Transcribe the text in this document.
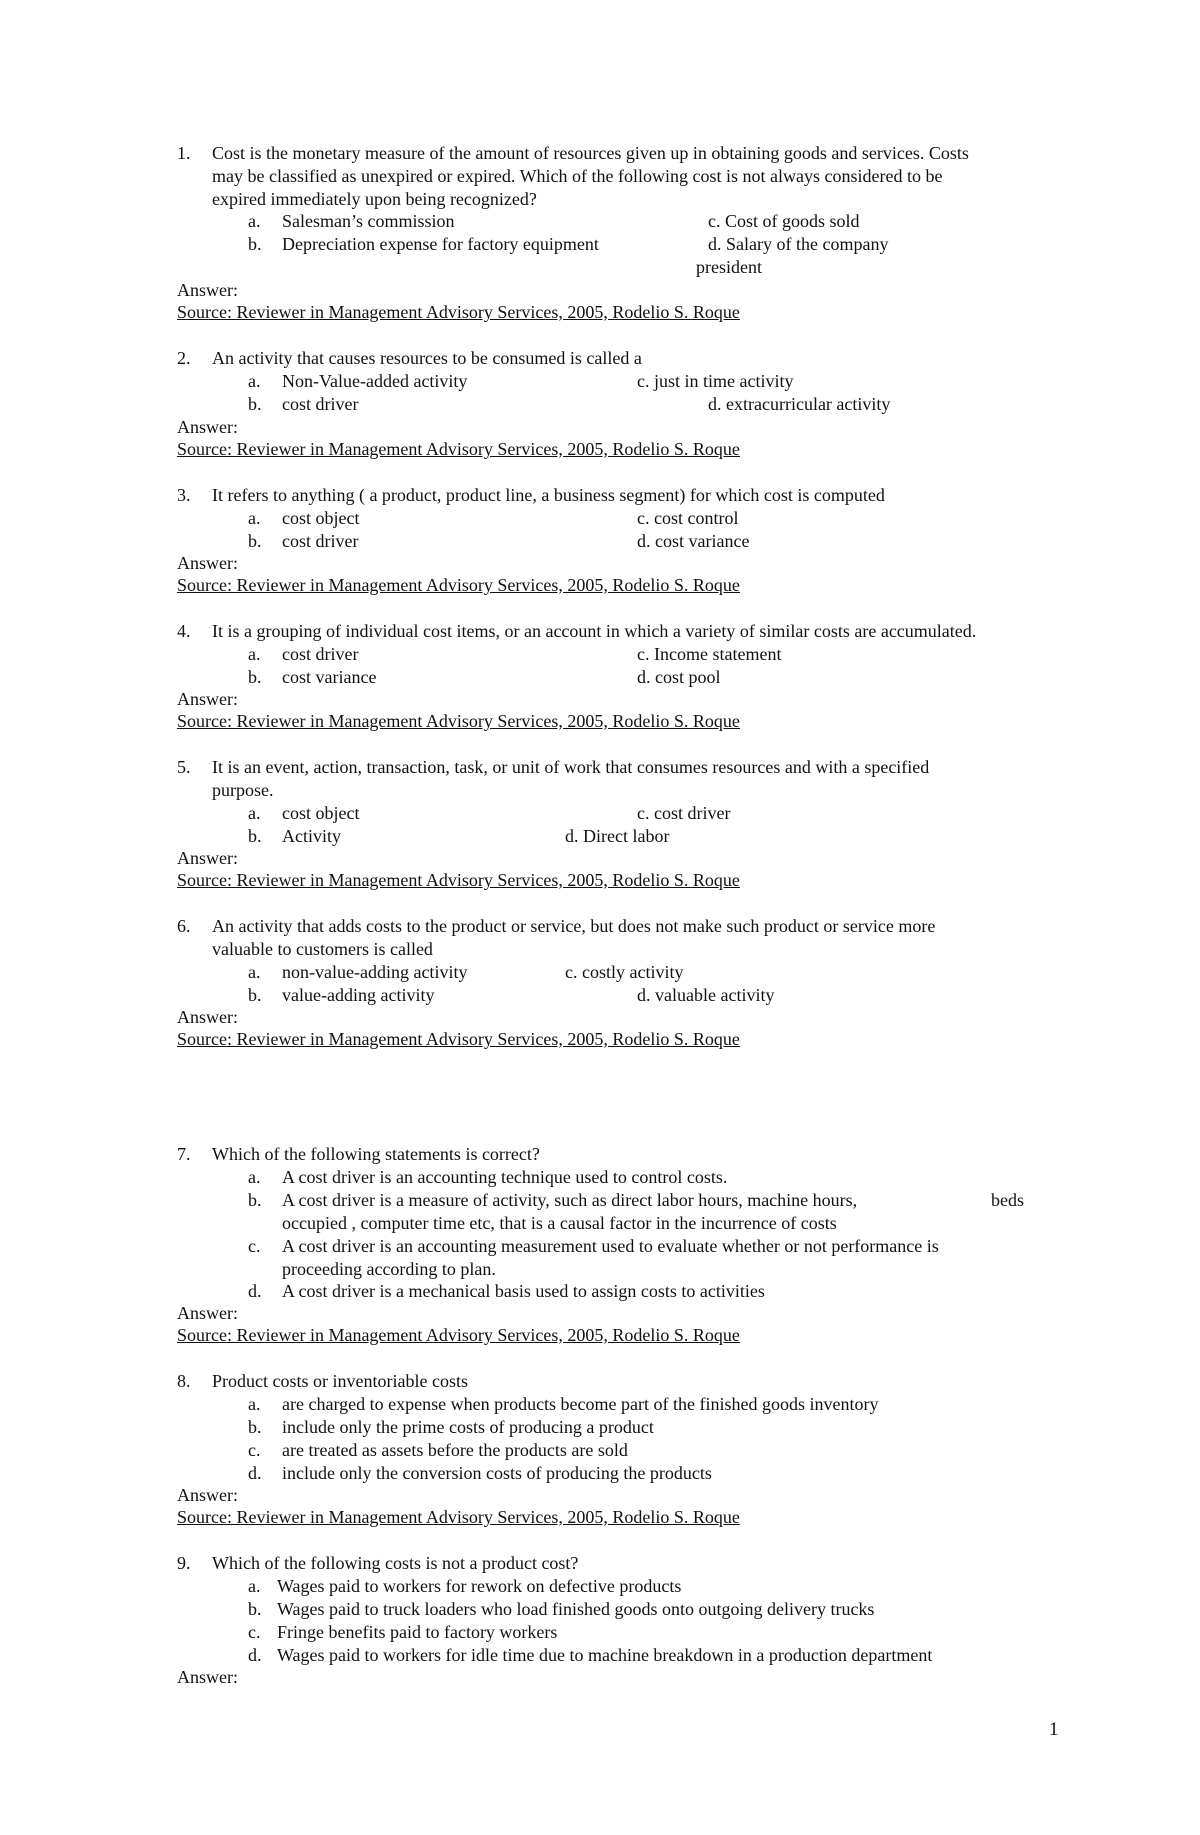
1. Cost is the monetary measure of the amount of resources given up in obtaining goods and services. Costs
may be classified as unexpired or expired. Which of the following cost is not always considered to be
expired immediately upon being recognized?
a. Salesman’s commission
b. Depreciation expense for factory equipment
c. Cost of goods sold
d. Salary of the company
president
Answer:
Source: Reviewer in Management Advisory Services, 2005, Rodelio S. Roque
2. An activity that causes resources to be consumed is called a
a. Non-Value-added activity
b. cost driver
c. just in time activity
d. extracurricular activity
Answer:
Source: Reviewer in Management Advisory Services, 2005, Rodelio S. Roque
3. It refers to anything ( a product, product line, a business segment) for which cost is computed
a. cost object
b. cost driver
c. cost control
d. cost variance
Answer:
Source: Reviewer in Management Advisory Services, 2005, Rodelio S. Roque
4. It is a grouping of individual cost items, or an account in which a variety of similar costs are accumulated.
a. cost driver
b. cost variance
c. Income statement
d. cost pool
Answer:
Source: Reviewer in Management Advisory Services, 2005, Rodelio S. Roque
5. It is an event, action, transaction, task, or unit of work that consumes resources and with a specified
purpose.
a. cost object
b. Activity
c. cost driver
d. Direct labor
Answer:
Source: Reviewer in Management Advisory Services, 2005, Rodelio S. Roque
6. An activity that adds costs to the product or service, but does not make such product or service more
valuable to customers is called
a. non-value-adding activity
b. value-adding activity
c. costly activity
d. valuable activity
Answer:
Source: Reviewer in Management Advisory Services, 2005, Rodelio S. Roque
7. Which of the following statements is correct?
a. A cost driver is an accounting technique used to control costs.
b. A cost driver is a measure of activity, such as direct labor hours, machine hours,	beds
occupied , computer time etc, that is a causal factor in the incurrence of costs
c. A cost driver is an accounting measurement used to evaluate whether or not performance is
proceeding according to plan.
d. A cost driver is a mechanical basis used to assign costs to activities
Answer:
Source: Reviewer in Management Advisory Services, 2005, Rodelio S. Roque
8. Product costs or inventoriable costs
a. are charged to expense when products become part of the finished goods inventory
b. include only the prime costs of producing a product
c. are treated as assets before the products are sold
d. include only the conversion costs of producing the products
Answer:
Source: Reviewer in Management Advisory Services, 2005, Rodelio S. Roque
9. Which of the following costs is not a product cost?
a. Wages paid to workers for rework on defective products
b. Wages paid to truck loaders who load finished goods onto outgoing delivery trucks
c. Fringe benefits paid to factory workers
d. Wages paid to workers for idle time due to machine breakdown in a production department
Answer:
1
